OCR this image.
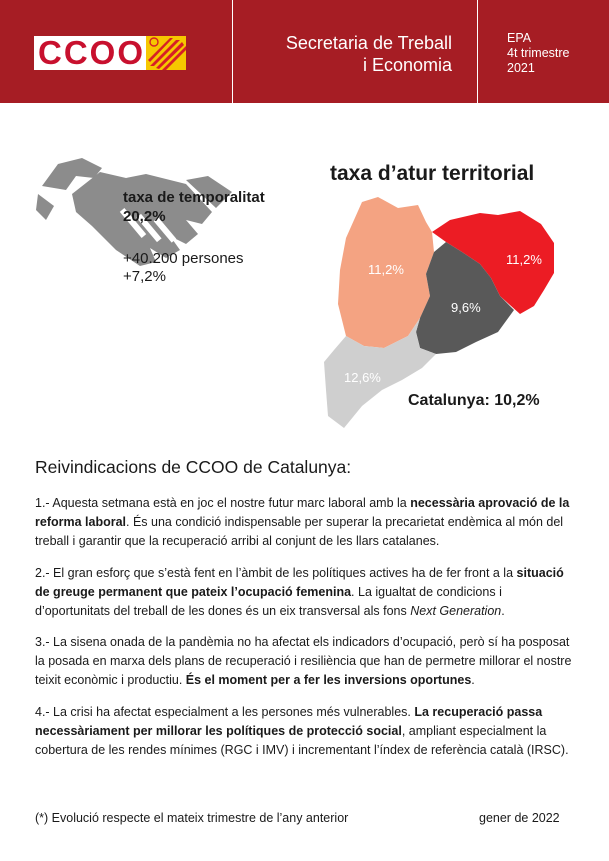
CCOO	Secretaria de Treball
i Economia
EPA
4t trimestre
2021
taxa de temporalitat
20,2%
+40.200 persones
+7,2%
taxa d’atur territorial
11,2%
11,2%
9,6%
12,6%
Catalunya: 10,2%
Reivindicacions de CCOO de Catalunya:

1.- Aquesta setmana està en joc el nostre futur marc laboral amb la necessària aprovació de la reforma laboral. És una condició indispensable per superar la precarietat endèmica al món del treball i garantir que la recuperació arribi al conjunt de les llars catalanes.

2.- El gran esforç que s’està fent en l’àmbit de les polítiques actives ha de fer front a la situació de greuge permanent que pateix l’ocupació femenina. La igualtat de condicions i d’oportunitats del treball de les dones és un eix transversal als fons Next Generation.

3.- La sisena onada de la pandèmia no ha afectat els indicadors d’ocupació, però sí ha posposat la posada en marxa dels plans de recuperació i resiliència que han de permetre millorar el nostre teixit econòmic i productiu. És el moment per a fer les inversions oportunes.

4.- La crisi ha afectat especialment a les persones més vulnerables. La recuperació passa necessàriament per millorar les polítiques de protecció social, ampliant especialment la cobertura de les rendes mínimes (RGC i IMV) i incrementant l’índex de referència català (IRSC).

(*) Evolució respecte el mateix trimestre de l’any anterior	gener de 2022
